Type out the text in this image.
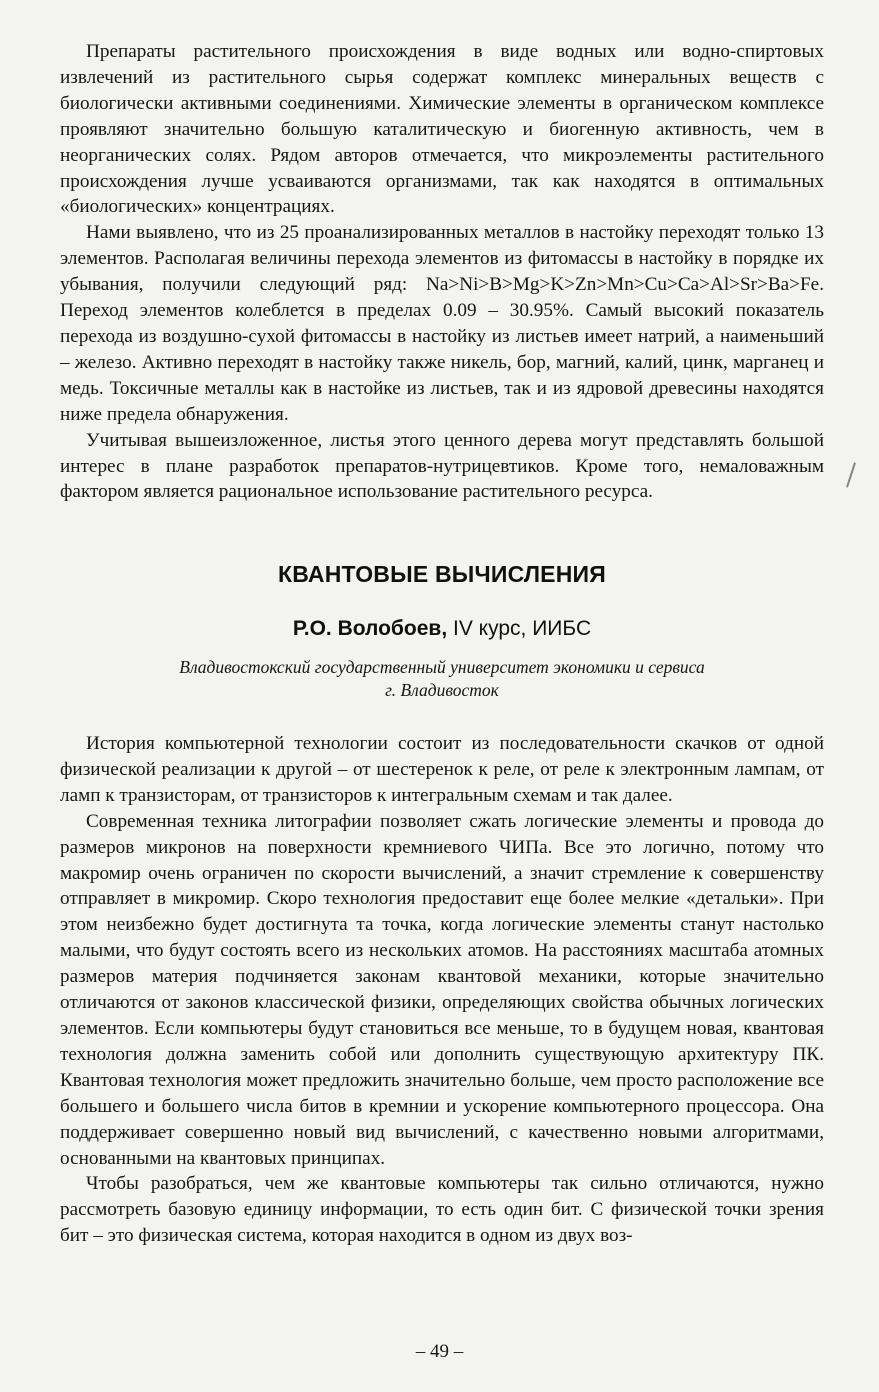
Препараты растительного происхождения в виде водных или водно-спиртовых извлечений из растительного сырья содержат комплекс минеральных веществ с биологически активными соединениями. Химические элементы в органическом комплексе проявляют значительно большую каталитическую и биогенную активность, чем в неорганических солях. Рядом авторов отмечается, что микроэлементы растительного происхождения лучше усваиваются организмами, так как находятся в оптимальных «биологических» концентрациях.

Нами выявлено, что из 25 проанализированных металлов в настойку переходят только 13 элементов. Располагая величины перехода элементов из фитомассы в настойку в порядке их убывания, получили следующий ряд: Na>Ni>B>Mg>K>Zn>Mn>Cu>Ca>Al>Sr>Ba>Fe. Переход элементов колеблется в пределах 0.09 – 30.95%. Самый высокий показатель перехода из воздушно-сухой фитомассы в настойку из листьев имеет натрий, а наименьший – железо. Активно переходят в настойку также никель, бор, магний, калий, цинк, марганец и медь. Токсичные металлы как в настойке из листьев, так и из ядровой древесины находятся ниже предела обнаружения.

Учитывая вышеизложенное, листья этого ценного дерева могут представлять большой интерес в плане разработок препаратов-нутрицевтиков. Кроме того, немаловажным фактором является рациональное использование растительного ресурса.

КВАНТОВЫЕ ВЫЧИСЛЕНИЯ
Р.О. Волобоев, IV курс, ИИБС
Владивостокский государственный университет экономики и сервиса
г. Владивосток

История компьютерной технологии состоит из последовательности скачков от одной физической реализации к другой – от шестеренок к реле, от реле к электронным лампам, от ламп к транзисторам, от транзисторов к интегральным схемам и так далее.

Современная техника литографии позволяет сжать логические элементы и провода до размеров микронов на поверхности кремниевого ЧИПа. Все это логично, потому что макромир очень ограничен по скорости вычислений, а значит стремление к совершенству отправляет в микромир. Скоро технология предоставит еще более мелкие «детальки». При этом неизбежно будет достигнута та точка, когда логические элементы станут настолько малыми, что будут состоять всего из нескольких атомов. На расстояниях масштаба атомных размеров материя подчиняется законам квантовой механики, которые значительно отличаются от законов классической физики, определяющих свойства обычных логических элементов. Если компьютеры будут становиться все меньше, то в будущем новая, квантовая технология должна заменить собой или дополнить существующую архитектуру ПК. Квантовая технология может предложить значительно больше, чем просто расположение все большего и большего числа битов в кремнии и ускорение компьютерного процессора. Она поддерживает совершенно новый вид вычислений, с качественно новыми алгоритмами, основанными на квантовых принципах.

Чтобы разобраться, чем же квантовые компьютеры так сильно отличаются, нужно рассмотреть базовую единицу информации, то есть один бит. С физической точки зрения бит – это физическая система, которая находится в одном из двух воз-

– 49 –
